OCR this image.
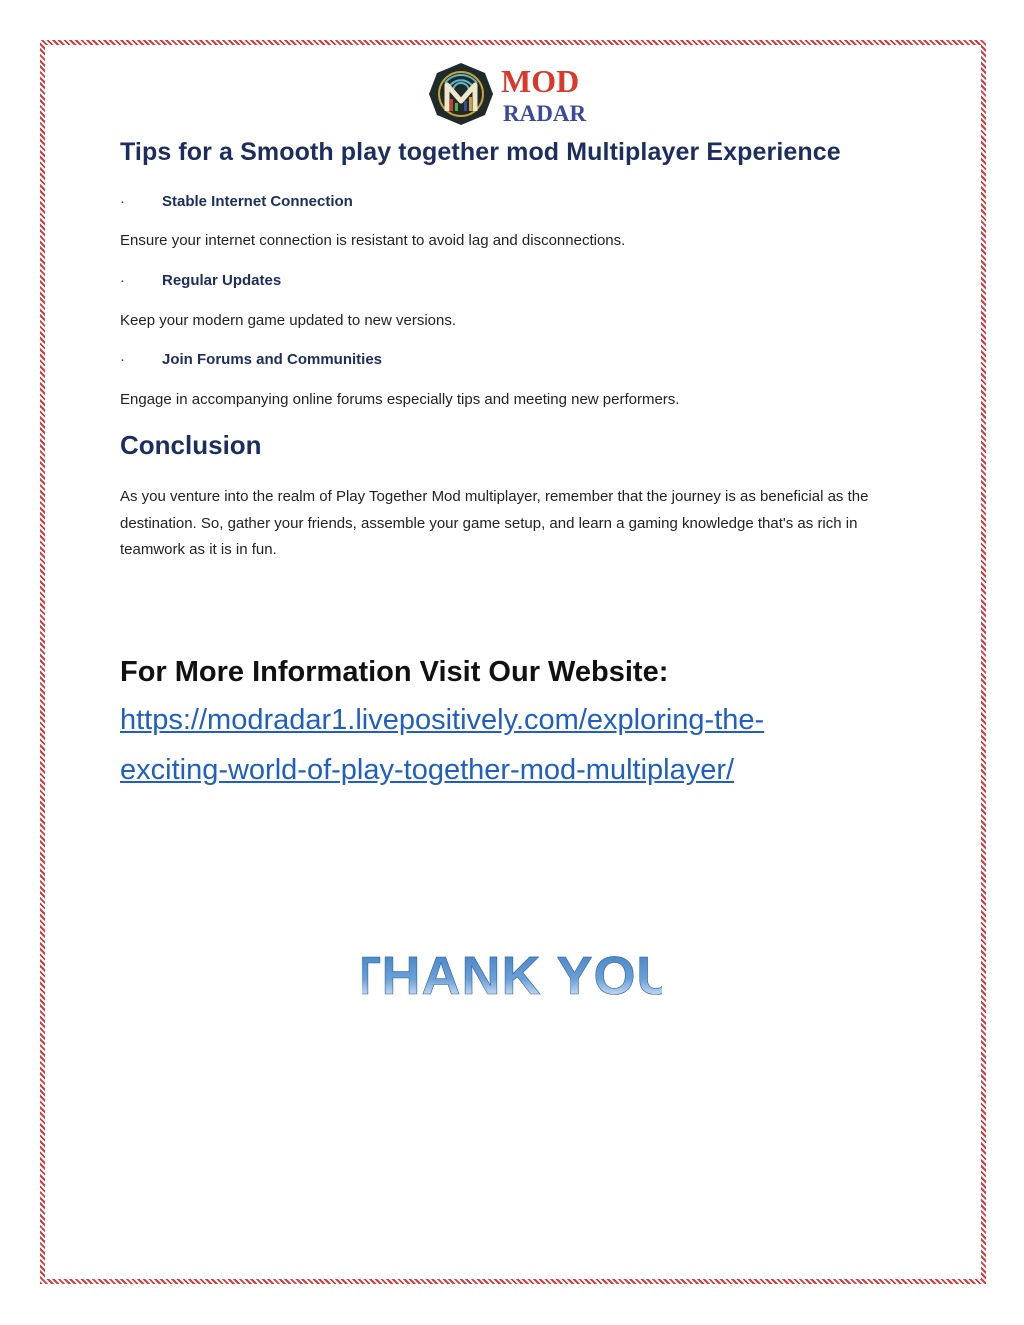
MOD
RADAR
Tips for a Smooth play together mod Multiplayer Experience
· Stable Internet Connection
Ensure your internet connection is resistant to avoid lag and disconnections.
· Regular Updates
Keep your modern game updated to new versions.
· Join Forums and Communities
Engage in accompanying online forums especially tips and meeting new performers.
Conclusion
As you venture into the realm of Play Together Mod multiplayer, remember that the journey is as beneficial as the destination. So, gather your friends, assemble your game setup, and learn a gaming knowledge that's as rich in teamwork as it is in fun.
For More Information Visit Our Website:
https://modradar1.livepositively.com/exploring-the-
exciting-world-of-play-together-mod-multiplayer/
THANK YOU
